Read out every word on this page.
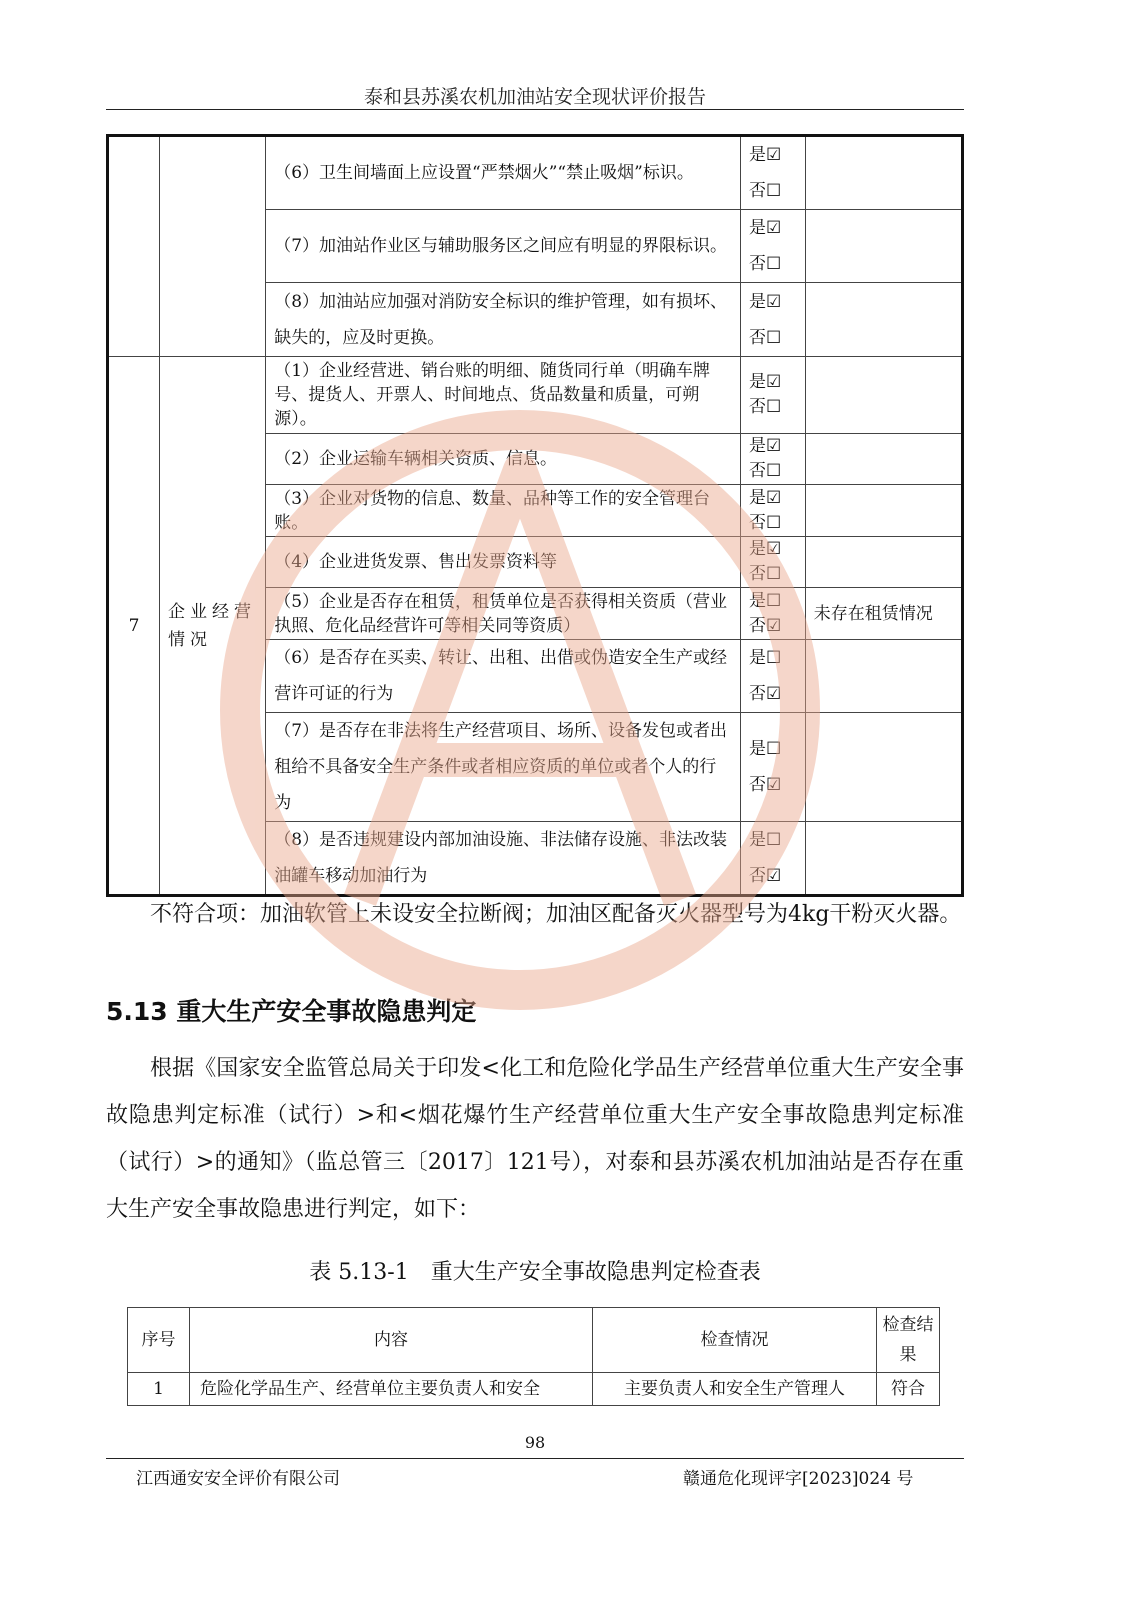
泰和县苏溪农机加油站安全现状评价报告
		（6）卫生间墙面上应设置“严禁烟火”“禁止吸烟”标识。	是☑
否☐	

		（7）加油站作业区与辅助服务区之间应有明显的界限标识。	是☑
否☐	

		（8）加油站应加强对消防安全标识的维护管理，如有损坏、缺失的，应及时更换。	是☑
否☐	

7	企业经营情况	（1）企业经营进、销台账的明细、随货同行单（明确车牌号、提货人、开票人、时间地点、货品数量和质量，可朔源）。	是☑
否☐	

		（2）企业运输车辆相关资质、信息。	是☑
否☐	

		（3）企业对货物的信息、数量、品种等工作的安全管理台账。	是☑
否☐	

		（4）企业进货发票、售出发票资料等	是☑
否☐	

		（5）企业是否存在租赁，租赁单位是否获得相关资质（营业执照、危化品经营许可等相关同等资质）	是☐
否☑	未存在租赁情况
		（6）是否存在买卖、转让、出租、出借或伪造安全生产或经营许可证的行为	是☐
否☑	

		（7）是否存在非法将生产经营项目、场所、设备发包或者出租给不具备安全生产条件或者相应资质的单位或者个人的行为	是☐
否☑	

		（8）是否违规建设内部加油设施、非法储存设施、非法改装油罐车移动加油行为	是☐
否☑	

不符合项：加油软管上未设安全拉断阀；加油区配备灭火器型号为4kg干粉灭火器。
5.13 重大生产安全事故隐患判定
根据《国家安全监管总局关于印发<化工和危险化学品生产经营单位重大生产安全事故隐患判定标准（试行）>和<烟花爆竹生产经营单位重大生产安全事故隐患判定标准（试行）>的通知》（监总管三〔2017〕121号），对泰和县苏溪农机加油站是否存在重大生产安全事故隐患进行判定，如下：
表 5.13-1　重大生产安全事故隐患判定检查表
序号	内容	检查情况	检查结果
1	危险化学品生产、经营单位主要负责人和安全	主要负责人和安全生产管理人	符合
98
江西通安安全评价有限公司	赣通危化现评字[2023]024 号
